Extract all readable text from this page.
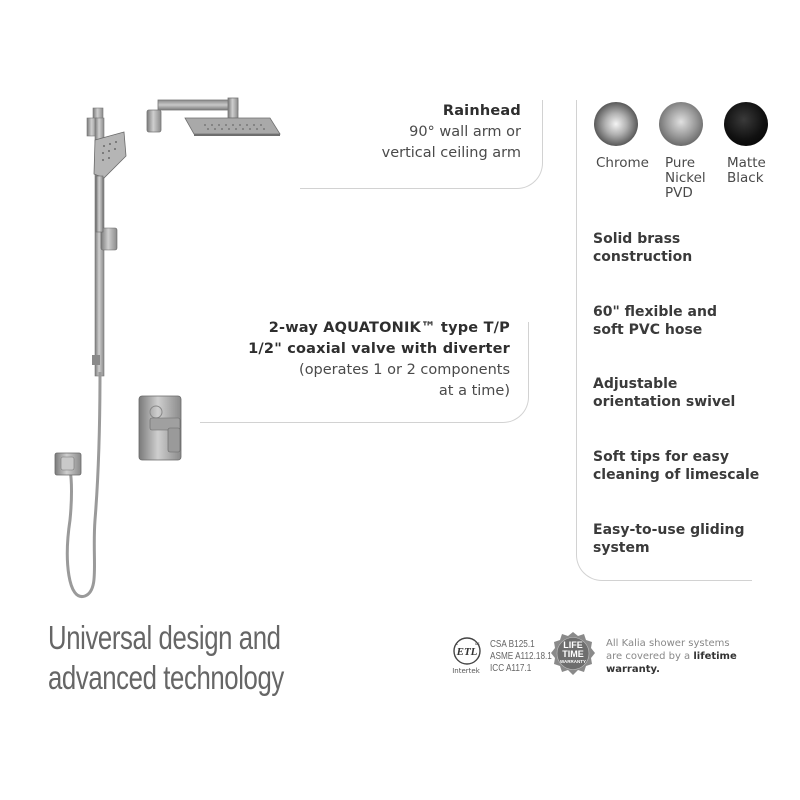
Rainhead
90° wall arm or
vertical ceiling arm
2-way AQUATONIK™ type T/P
1/2" coaxial valve with diverter
(operates 1 or 2 components
at a time)
Chrome Pure
Nickel
PVD
Matte
Black
Solid brass
construction
60" flexible and
soft PVC hose
Adjustable
orientation swivel
Soft tips for easy
cleaning of limescale
Easy-to-use gliding
system
Universal design and
advanced technology
ETL
c	us
Intertek
CSA B125.1
ASME A112.18.1
ICC A117.1
LIFE
TIME
WARRANTY
All Kalia shower systems
are covered by a lifetime
warranty.
